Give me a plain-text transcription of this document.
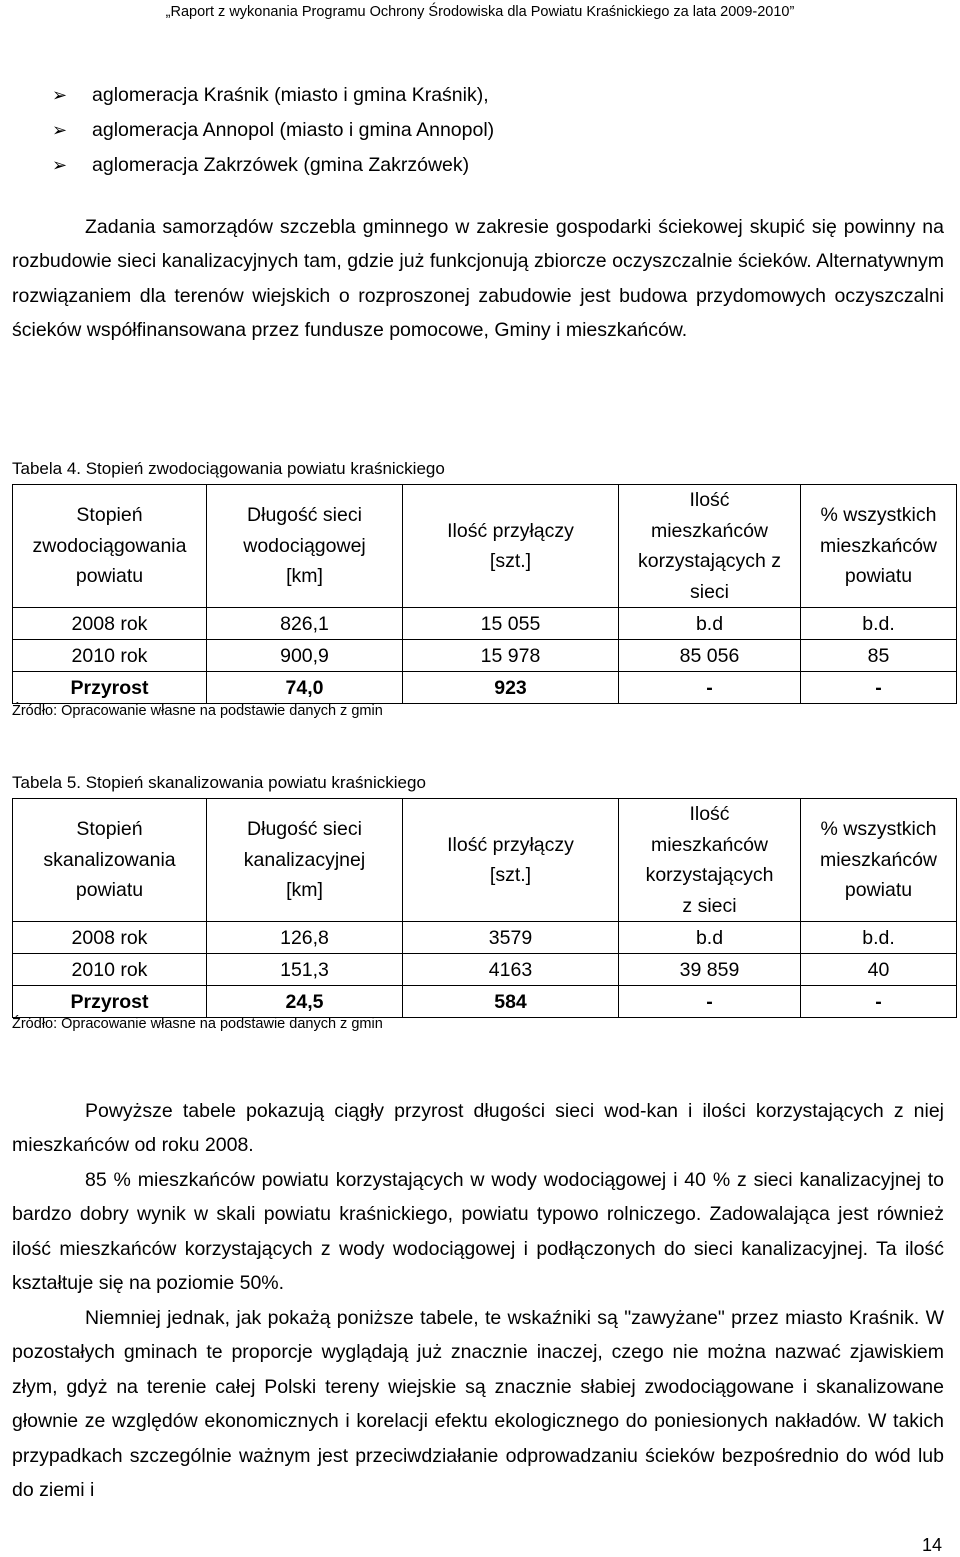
„Raport z wykonania Programu Ochrony Środowiska dla Powiatu Kraśnickiego za lata 2009-2010”
➢	aglomeracja Kraśnik (miasto i gmina Kraśnik),
➢	aglomeracja Annopol (miasto i gmina Annopol)
➢	aglomeracja Zakrzówek (gmina Zakrzówek)

Zadania samorządów szczebla gminnego w zakresie gospodarki ściekowej skupić się powinny na rozbudowie sieci kanalizacyjnych tam, gdzie już funkcjonują zbiorcze oczyszczalnie ścieków. Alternatywnym rozwiązaniem dla terenów wiejskich o rozproszonej zabudowie jest budowa przydomowych oczyszczalni ścieków współfinansowana przez fundusze pomocowe, Gminy i mieszkańców.

Tabela 4. Stopień zwodociągowania powiatu kraśnickiego
Stopień
zwodociągowania
powiatu	Długość sieci
wodociągowej
[km]	Ilość przyłączy
[szt.]	Ilość
mieszkańców
korzystających z
sieci	% wszystkich
mieszkańców
powiatu

2008 rok	826,1	15 055	b.d	b.d.
2010 rok	900,9	15 978	85 056	85
Przyrost	74,0	923	-	-
Źródło: Opracowanie własne na podstawie danych z gmin
Tabela 5. Stopień skanalizowania powiatu kraśnickiego
Stopień
skanalizowania
powiatu	Długość sieci
kanalizacyjnej
[km]	Ilość przyłączy
[szt.]	Ilość
mieszkańców
korzystających
z sieci	% wszystkich
mieszkańców
powiatu

2008 rok	126,8	3579	b.d	b.d.
2010 rok	151,3	4163	39 859	40
Przyrost	24,5	584	-	-
Źródło: Opracowanie własne na podstawie danych z gmin

Powyższe tabele pokazują ciągły przyrost długości sieci wod-kan i ilości korzystających z niej mieszkańców od roku 2008.

85 % mieszkańców powiatu korzystających w wody wodociągowej i 40 % z sieci kanalizacyjnej to bardzo dobry wynik w skali powiatu kraśnickiego, powiatu typowo rolniczego. Zadowalająca jest również ilość mieszkańców korzystających z wody wodociągowej i podłączonych do sieci kanalizacyjnej. Ta ilość kształtuje się na poziomie 50%.

Niemniej jednak, jak pokażą poniższe tabele, te wskaźniki są "zawyżane" przez miasto Kraśnik. W pozostałych gminach te proporcje wyglądają już znacznie inaczej, czego nie można nazwać zjawiskiem złym, gdyż na terenie całej Polski tereny wiejskie są znacznie słabiej zwodociągowane i skanalizowane głownie ze względów ekonomicznych i korelacji efektu ekologicznego do poniesionych nakładów. W takich przypadkach szczególnie ważnym jest przeciwdziałanie odprowadzaniu ścieków bezpośrednio do wód lub do ziemi i

14
